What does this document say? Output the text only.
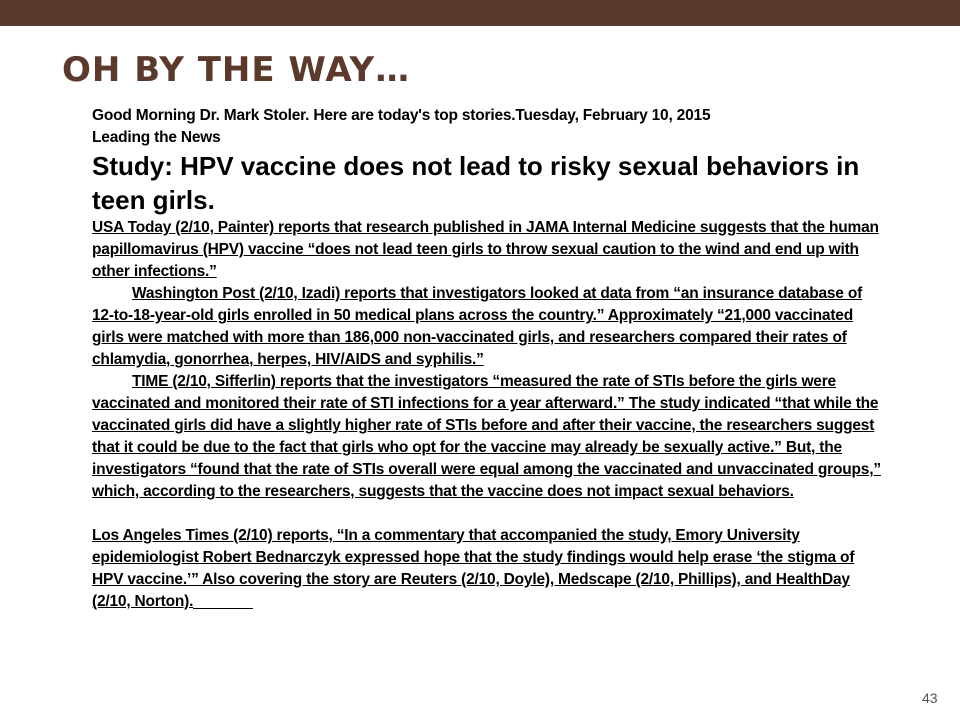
OH BY THE WAY…

Good Morning Dr. Mark Stoler. Here are today's top stories.Tuesday, February 10, 2015

Leading the News

Study: HPV vaccine does not lead to risky sexual behaviors in teen girls.

USA Today (2/10, Painter) reports that research published in JAMA Internal Medicine suggests that the human papillomavirus (HPV) vaccine “does not lead teen girls to throw sexual caution to the wind and end up with other infections.”

Washington Post (2/10, Izadi) reports that investigators looked at data from “an insurance database of 12-to-18-year-old girls enrolled in 50 medical plans across the country.” Approximately “21,000 vaccinated girls were matched with more than 186,000 non-vaccinated girls, and researchers compared their rates of chlamydia, gonorrhea, herpes, HIV/AIDS and syphilis.”

TIME (2/10, Sifferlin) reports that the investigators “measured the rate of STIs before the girls were vaccinated and monitored their rate of STI infections for a year afterward.” The study indicated “that while the vaccinated girls did have a slightly higher rate of STIs before and after their vaccine, the researchers suggest that it could be due to the fact that girls who opt for the vaccine may already be sexually active.” But, the investigators “found that the rate of STIs overall were equal among the vaccinated and unvaccinated groups,” which, according to the researchers, suggests that the vaccine does not impact sexual behaviors.

Los Angeles Times (2/10) reports, “In a commentary that accompanied the study, Emory University epidemiologist Robert Bednarczyk expressed hope that the study findings would help erase ‘the stigma of HPV vaccine.’” Also covering the story are Reuters (2/10, Doyle), Medscape (2/10, Phillips), and HealthDay (2/10, Norton).

43
